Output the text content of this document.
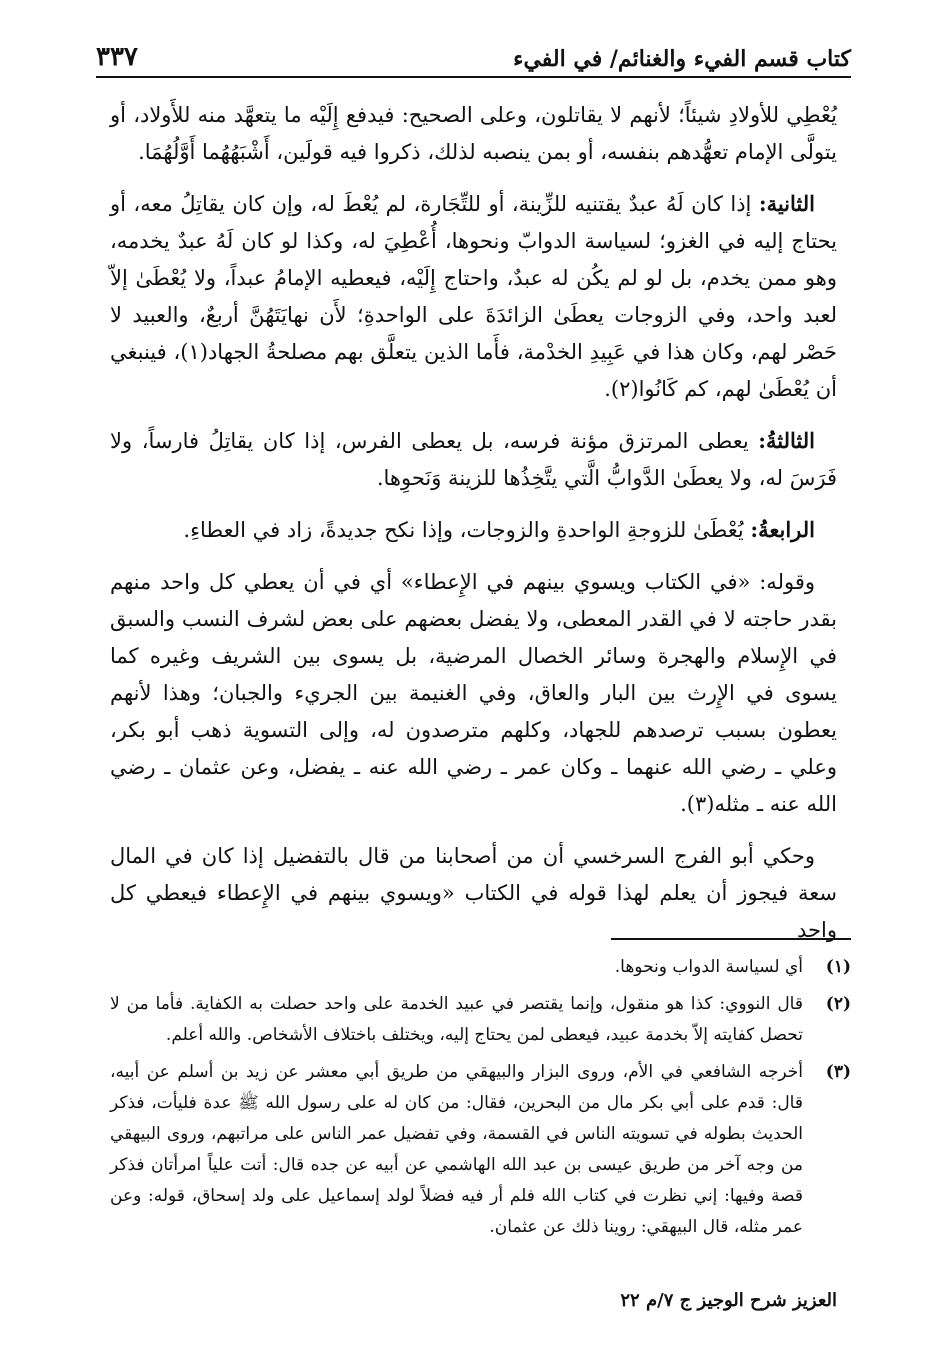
كتاب قسم الفيء والغنائم/ في الفيء
٣٣٧

يُعْطِي للأولادِ شيئاً؛ لأنهم لا يقاتلون، وعلى الصحيح: فيدفع إِلَيْه ما يتعهَّد منه للأَولاد، أو يتولَّى الإمام تعهُّدهم بنفسه، أو بمن ينصبه لذلك، ذكروا فيه قولَين، أَشْبَهُهُما أَوَّلُهُمَا.

الثانية: إذا كان لَهُ عبدٌ يقتنيه للزِّينة، أو للتِّجَارة، لم يُعْطَ له، وإن كان يقاتِلُ معه، أو يحتاج إليه في الغزو؛ لسياسة الدوابّ ونحوها، أُعْطِيَ له، وكذا لو كان لَهُ عبدٌ يخدمه، وهو ممن يخدم، بل لو لم يكُن له عبدٌ، واحتاج إِلَيْه، فيعطيه الإمامُ عبداً، ولا يُعْطَىٰ إلاّ لعبد واحد، وفي الزوجات يعطَىٰ الزائدَةَ على الواحدةِ؛ لأَن نهايَتَهُنَّ أربعٌ، والعبيد لا حَصْر لهم، وكان هذا في عَبِيدِ الخدْمة، فأَما الذين يتعلَّق بهم مصلحةُ الجهاد(١)، فينبغي أن يُعْطَىٰ لهم، كم كَانُوا(٢).

الثالثةُ: يعطى المرتزق مؤنة فرسه، بل يعطى الفرس، إذا كان يقاتِلُ فارساً، ولا فَرَسَ له، ولا يعطَىٰ الدَّوابُّ الَّتي يتَّخِذُها للزينة وَنَحوِها.

الرابعةُ: يُعْطَىٰ للزوجةِ الواحدةِ والزوجات، وإذا نكح جديدةً، زاد في العطاءِ.

وقوله: «في الكتاب ويسوي بينهم في الإِعطاء» أي في أن يعطي كل واحد منهم بقدر حاجته لا في القدر المعطى، ولا يفضل بعضهم على بعض لشرف النسب والسبق في الإِسلام والهجرة وسائر الخصال المرضية، بل يسوى بين الشريف وغيره كما يسوى في الإِرث بين البار والعاق، وفي الغنيمة بين الجريء والجبان؛ وهذا لأنهم يعطون بسبب ترصدهم للجهاد، وكلهم مترصدون له، وإلى التسوية ذهب أبو بكر، وعلي ـ رضي الله عنهما ـ وكان عمر ـ رضي الله عنه ـ يفضل، وعن عثمان ـ رضي الله عنه ـ مثله(٣).

وحكي أبو الفرج السرخسي أن من أصحابنا من قال بالتفضيل إذا كان في المال سعة فيجوز أن يعلم لهذا قوله في الكتاب «ويسوي بينهم في الإِعطاء فيعطي كل واحد

(١)
أي لسياسة الدواب ونحوها.
(٢)
قال النووي: كذا هو منقول، وإنما يقتصر في عبيد الخدمة على واحد حصلت به الكفاية. فأما من لا تحصل كفايته إلاّ بخدمة عبيد، فيعطى لمن يحتاج إليه، ويختلف باختلاف الأشخاص. والله أعلم.
(٣)
أخرجه الشافعي في الأم، وروى البزار والبيهقي من طريق أبي معشر عن زيد بن أسلم عن أبيه، قال: قدم على أبي بكر مال من البحرين، فقال: من كان له على رسول الله ﷺ عدة فليأت، فذكر الحديث بطوله في تسويته الناس في القسمة، وفي تفضيل عمر الناس على مراتبهم، وروى البيهقي من وجه آخر من طريق عيسى بن عبد الله الهاشمي عن أبيه عن جده قال: أتت علياً امرأتان فذكر قصة وفيها: إني نظرت في كتاب الله فلم أر فيه فضلاً لولد إسماعيل على ولد إسحاق، قوله: وعن عمر مثله، قال البيهقي: روينا ذلك عن عثمان.
العزيز شرح الوجيز ج ٧/م ٢٢
